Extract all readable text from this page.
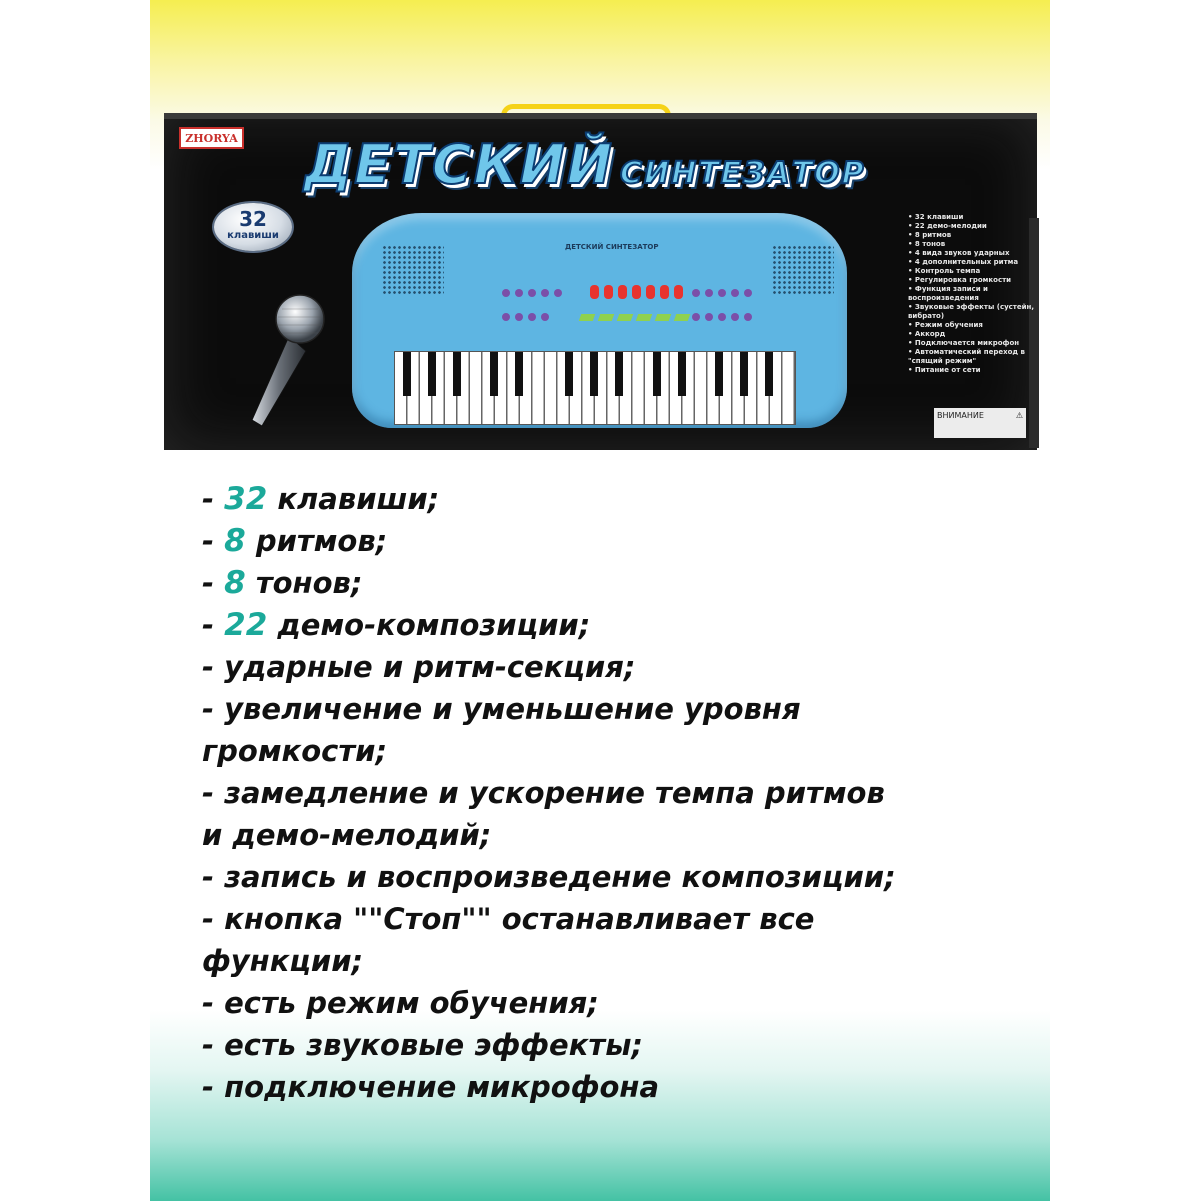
ZHORYA ДЕТСКИЙ СИНТЕЗАТОР
32
клавиши
ДЕТСКИЙ СИНТЕЗАТОР
• 32 клавиши
• 22 демо-мелодии
• 8 ритмов
• 8 тонов
• 4 вида звуков ударных
• 4 дополнительных ритма
• Контроль темпа
• Регулировка громкости
• Функция записи и воспроизведения
• Звуковые эффекты (сустейн, вибрато)
• Режим обучения
• Аккорд
• Подключается микрофон
• Автоматический переход в "спящий режим"
• Питание от сети
ВНИМАНИЕ	⚠

- 32 клавиши;

- 8 ритмов;

- 8 тонов;

- 22 демо-композиции;

- ударные и ритм-секция;

- увеличение и уменьшение уровня

громкости;

- замедление и ускорение темпа ритмов

и демо-мелодий;

- запись и воспроизведение композиции;

- кнопка ""Стоп"" останавливает все

функции;

- есть режим обучения;

- есть звуковые эффекты;

- подключение микрофона
